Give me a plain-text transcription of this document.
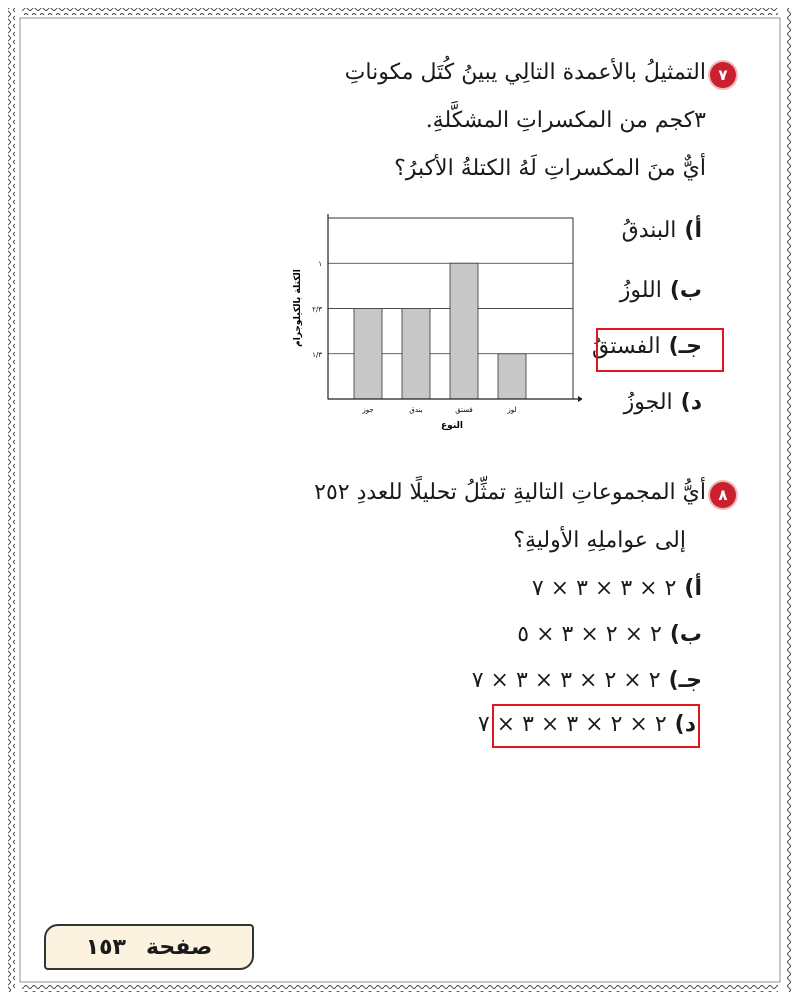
٧
التمثيلُ بالأعمدة التالِي يبينُ كُتَل مكوناتِ
٣كجم من المكسراتِ المشكَّلةِ.
أيٌّ منَ المكسراتِ لَهُ الكتلةُ الأكبرُ؟
أ)البندقُ
ب)اللوزُ
جـ)الفستقُ
د)الجوزُ
جوز	بندق	فستق	لوز
١/٣
٢/٣
١
النوع
الكتلة بالكيلوجرام
٨
أيُّ المجموعاتِ التاليةِ تمثِّلُ تحليلًا للعددِ ٢٥٢
إلى عواملِهِ الأوليةِ؟
أ)٢ × ٣ × ٣ × ٧
ب)٢ × ٢ × ٣ × ٥
جـ)٢ × ٢ × ٣ × ٣ × ٧
د)٢ × ٢ × ٣ × ٣ × ٧
صفحة
١٥٣
